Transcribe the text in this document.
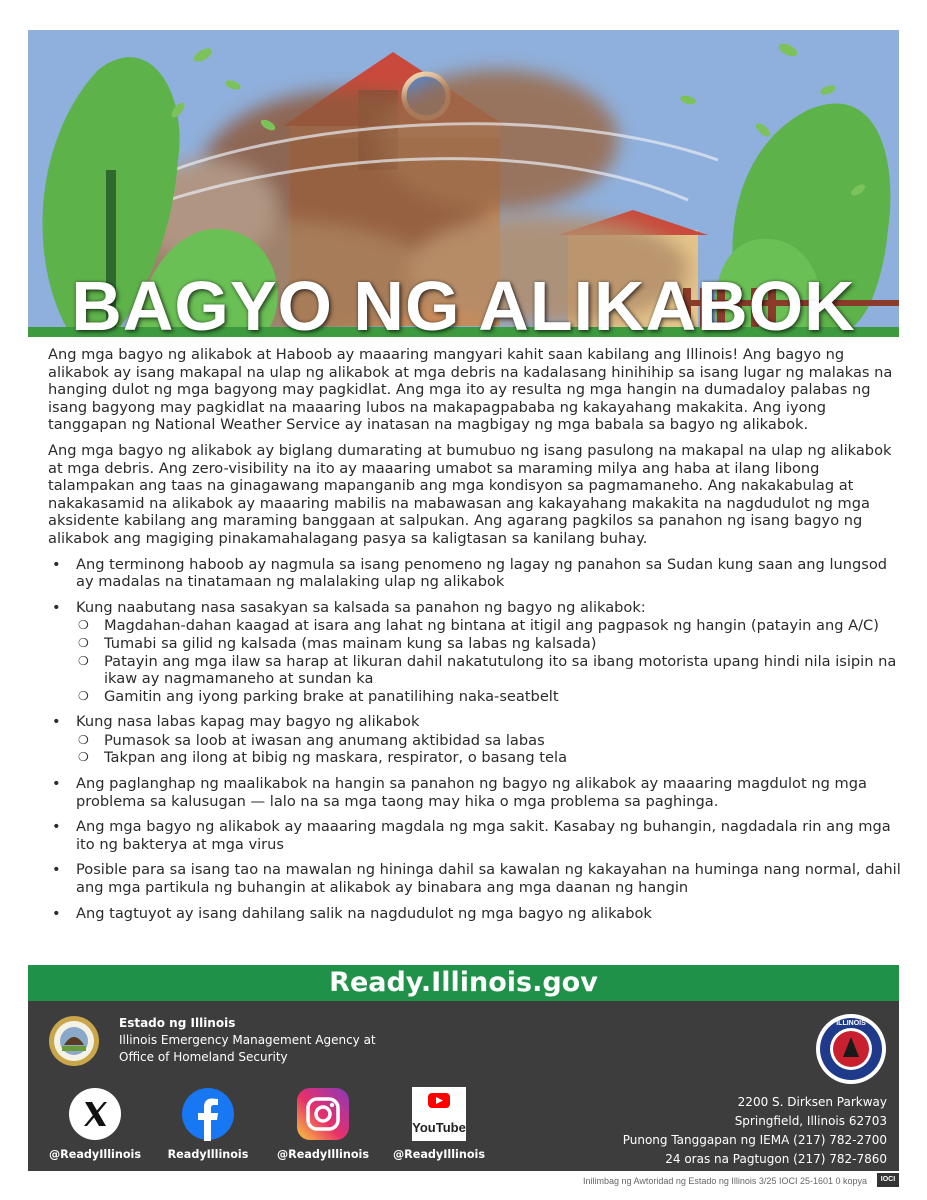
BAGYO NG ALIKABOK

Ang mga bagyo ng alikabok at Haboob ay maaaring mangyari kahit saan kabilang ang Illinois! Ang bagyo ng alikabok ay isang makapal na ulap ng alikabok at mga debris na kadalasang hinihihip sa isang lugar ng malakas na hanging dulot ng mga bagyong may pagkidlat. Ang mga ito ay resulta ng mga hangin na dumadaloy palabas ng isang bagyong may pagkidlat na maaaring lubos na makapagpababa ng kakayahang makakita. Ang iyong tanggapan ng National Weather Service ay inatasan na magbigay ng mga babala sa bagyo ng alikabok.

Ang mga bagyo ng alikabok ay biglang dumarating at bumubuo ng isang pasulong na makapal na ulap ng alikabok at mga debris. Ang zero-visibility na ito ay maaaring umabot sa maraming milya ang haba at ilang libong talampakan ang taas na ginagawang mapanganib ang mga kondisyon sa pagmamaneho. Ang nakakabulag at nakakasamid na alikabok ay maaaring mabilis na mabawasan ang kakayahang makakita na nagdudulot ng mga aksidente kabilang ang maraming banggaan at salpukan. Ang agarang pagkilos sa panahon ng isang bagyo ng alikabok ang magiging pinakamahalagang pasya sa kaligtasan sa kanilang buhay.

• Ang terminong haboob ay nagmula sa isang penomeno ng lagay ng panahon sa Sudan kung saan ang lungsod ay madalas na tinatamaan ng malalaking ulap ng alikabok
• Kung naabutang nasa sasakyan sa kalsada sa panahon ng bagyo ng alikabok:
❍ Magdahan-dahan kaagad at isara ang lahat ng bintana at itigil ang pagpasok ng hangin (patayin ang A/C)
❍ Tumabi sa gilid ng kalsada (mas mainam kung sa labas ng kalsada)
❍ Patayin ang mga ilaw sa harap at likuran dahil nakatutulong ito sa ibang motorista upang hindi nila isipin na ikaw ay nagmamaneho at sundan ka
❍ Gamitin ang iyong parking brake at panatilihing naka-seatbelt
• Kung nasa labas kapag may bagyo ng alikabok
❍ Pumasok sa loob at iwasan ang anumang aktibidad sa labas
❍ Takpan ang ilong at bibig ng maskara, respirator, o basang tela
• Ang paglanghap ng maalikabok na hangin sa panahon ng bagyo ng alikabok ay maaaring magdulot ng mga problema sa kalusugan — lalo na sa mga taong may hika o mga problema sa paghinga.
• Ang mga bagyo ng alikabok ay maaaring magdala ng mga sakit. Kasabay ng buhangin, nagdadala rin ang mga ito ng bakterya at mga virus
• Posible para sa isang tao na mawalan ng hininga dahil sa kawalan ng kakayahan na huminga nang normal, dahil ang mga partikula ng buhangin at alikabok ay binabara ang mga daanan ng hangin
• Ang tagtuyot ay isang dahilang salik na nagdudulot ng mga bagyo ng alikabok
Ready.Illinois.gov
Estado ng Illinois
Illinois Emergency Management Agency at
Office of Homeland Security
ILLINOIS
@ReadyIllinois	ReadyIllinois	@ReadyIllinois
YouTube
@ReadyIllinois
2200 S. Dirksen Parkway
Springfield, Illinois 62703
Punong Tanggapan ng IEMA (217) 782-2700
24 oras na Pagtugon (217) 782-7860
Inilimbag ng Awtoridad ng Estado ng Illinois 3/25 IOCI 25-1601 0 kopya	IOCI
